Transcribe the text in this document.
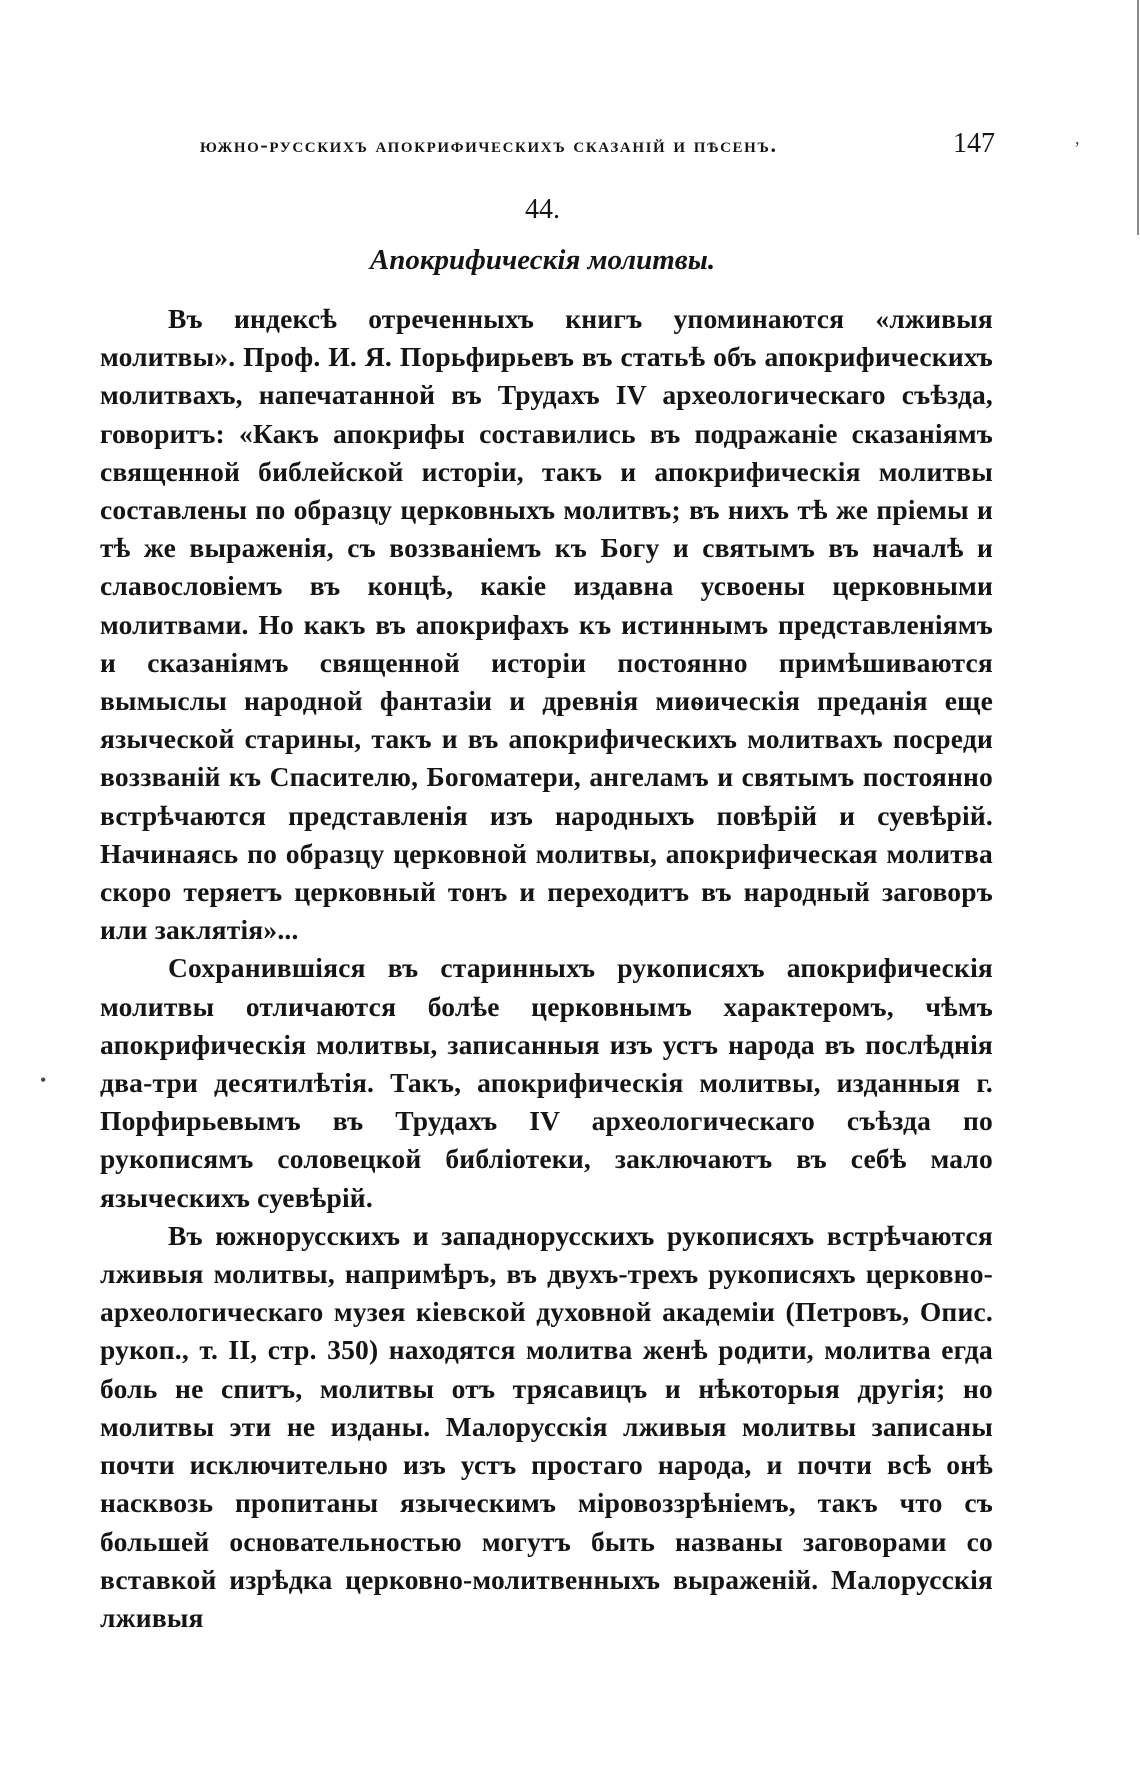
,
•
южно-русскихъ апокрифическихъ сказаній и пѣсенъ.	147
44.
Апокрифическія молитвы.

Въ индексѣ отреченныхъ книгъ упоминаются «лживыя молитвы». Проф. И. Я. Порьфирьевъ въ статьѣ объ апокрифическихъ молитвахъ, напечатанной въ Трудахъ IV археологическаго съѣзда, говоритъ: «Какъ апокрифы составились въ подражаніе сказаніямъ священной библейской исторіи, такъ и апокрифическія молитвы составлены по образцу церковныхъ молитвъ; въ нихъ тѣ же пріемы и тѣ же выраженія, съ воззваніемъ къ Богу и святымъ въ началѣ и славословіемъ въ концѣ, какіе издавна усвоены церковными молитвами. Но какъ въ апокрифахъ къ истиннымъ представленіямъ и сказаніямъ священной исторіи постоянно примѣшиваются вымыслы народной фантазіи и древнія миѳическія преданія еще языческой старины, такъ и въ апокрифическихъ молитвахъ посреди воззваній къ Спасителю, Богоматери, ангеламъ и святымъ постоянно встрѣчаются представленія изъ народныхъ повѣрій и суевѣрій. Начинаясь по образцу церковной молитвы, апокрифическая молитва скоро теряетъ церковный тонъ и переходитъ въ народный заговоръ или заклятія»...

Сохранившіяся въ старинныхъ рукописяхъ апокрифическія молитвы отличаются болѣе церковнымъ характеромъ, чѣмъ апокрифическія молитвы, записанныя изъ устъ народа въ послѣднія два-три десятилѣтія. Такъ, апокрифическія молитвы, изданныя г. Порфирьевымъ въ Трудахъ IV археологическаго съѣзда по рукописямъ соловецкой библіотеки, заключаютъ въ себѣ мало языческихъ суевѣрій.

Въ южнорусскихъ и западнорусскихъ рукописяхъ встрѣчаются лживыя молитвы, напримѣръ, въ двухъ-трехъ рукописяхъ церковно-археологическаго музея кіевской духовной академіи (Петровъ, Опис. рукоп., т. II, стр. 350) находятся молитва женѣ родити, молитва егда боль не спитъ, молитвы отъ трясавицъ и нѣкоторыя другія; но молитвы эти не изданы. Малорусскія лживыя молитвы записаны почти исключительно изъ устъ простаго народа, и почти всѣ онѣ насквозь пропитаны языческимъ міровоззрѣніемъ, такъ что съ большей основательностью могутъ быть названы заговорами со вставкой изрѣдка церковно-молитвенныхъ выраженій. Малорусскія лживыя
